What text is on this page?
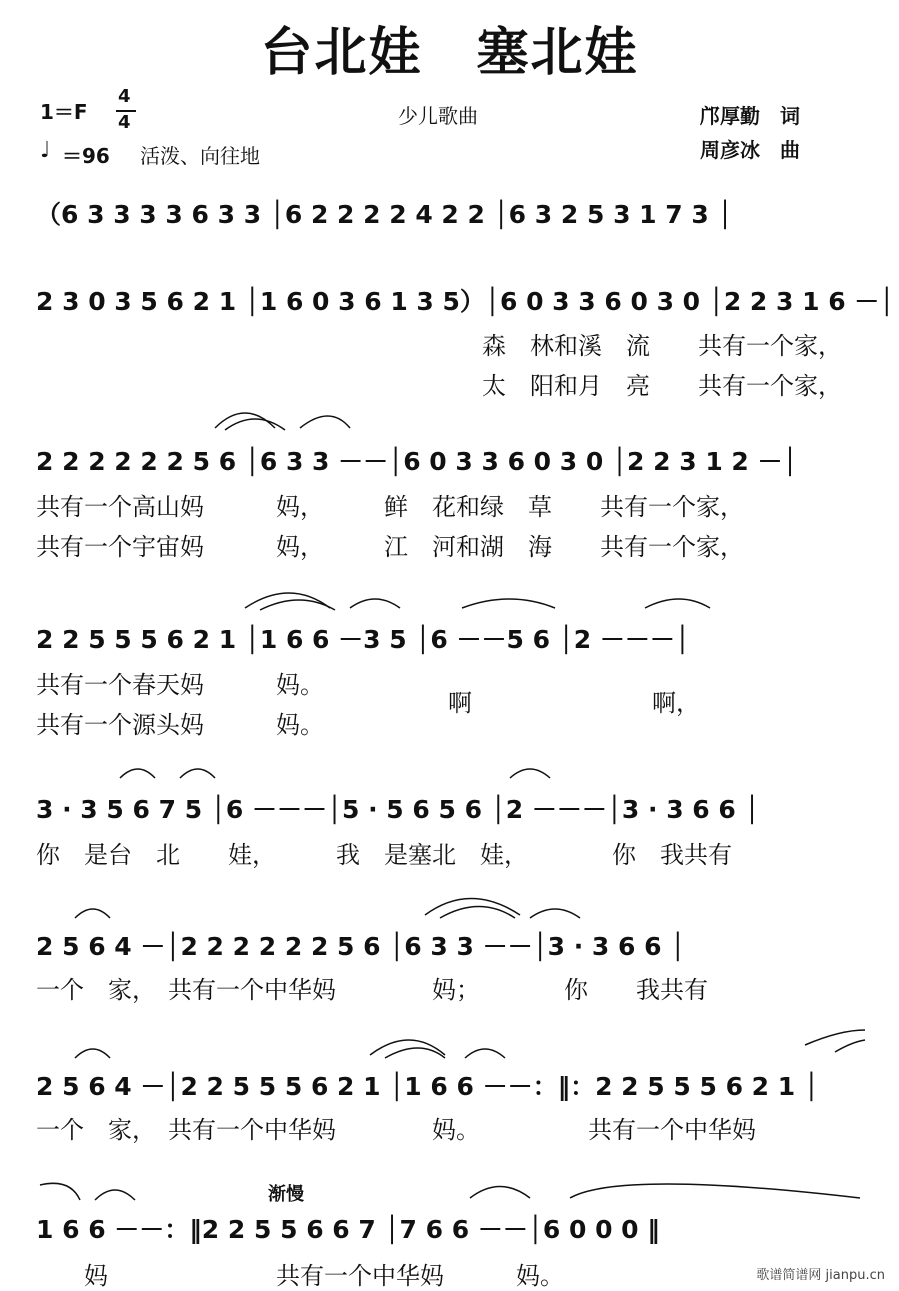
台北娃　塞北娃
1＝F
4
4
♩ ＝96 活泼、向往地
少儿歌曲	邝厚勤　词
周彦冰　曲
（6 3 3 3 3 6 3 3 │6 2 2 2 2 4 2 2 │6 3 2 5 3 1 7 3 │
2 3 0 3 5 6 2 1 │1 6 0 3 6 1 3 5）│6 0 3 3 6 0 3 0 │2 2 3 1 6 －│
森　林和溪　流　　共有一个家，
太　阳和月　亮　　共有一个家，
2 2 2 2 2 2 5 6 │6 3 3 －－│6 0 3 3 6 0 3 0 │2 2 3 1 2 －│
共有一个高山妈　　　妈，　　　鲜　花和绿　草　　共有一个家，
共有一个宇宙妈　　　妈，　　　江　河和湖　海　　共有一个家，
2 2 5 5 5 6 2 1 │1 6 6 －3 5 │6 －－5 6 │2 －－－│
共有一个春天妈　　　妈。
共有一个源头妈　　　妈。
啊	啊，
3 · 3 5 6 7 5 │6 －－－│5 · 5 6 5 6 │2 －－－│3 · 3 6 6 │
你　是台　北　　娃，　　　我　是塞北　娃，　　　　你　我共有
2 5 6 4 －│2 2 2 2 2 2 5 6 │6 3 3 －－│3 · 3 6 6 │
一个　家，　共有一个中华妈　　　　妈；　　　　你　　我共有
2 5 6 4 －│2 2 5 5 5 6 2 1 │1 6 6 －－：‖：2 2 5 5 5 6 2 1 │
一个　家，　共有一个中华妈　　　　妈。　　　　　共有一个中华妈
渐慢
1 6 6 －－：‖2 2 5 5 6 6 7 │7 6 6 －－│6 0 0 0 ‖
妈　　　　　　　共有一个中华妈　　　妈。	歌谱简谱网 jianpu.cn
